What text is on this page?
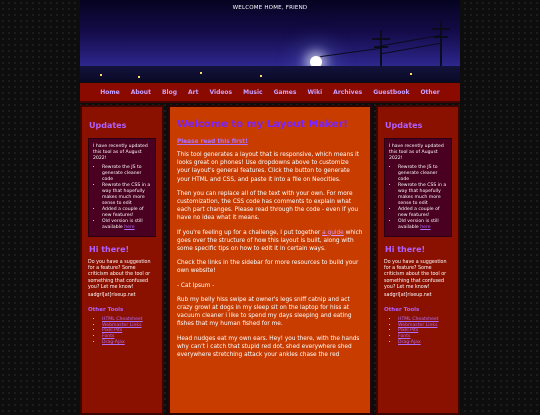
WELCOME HOME, FRIEND
Home About Blog Art Videos Music Games Wiki Archives Guestbook Other
Updates
I have recently updated this tool as of August 2022!
• Rewrote the JS to generate cleaner code
• Rewrote the CSS in a way that hopefully makes much more sense to edit
• Added a couple of new features!
• Old version is still available here
Hi there!
Do you have a suggestion for a feature? Some criticism about the tool or something that confused you? Let me know!
sadgrl[at]riseup.net
Other Tools
• HTML Cheatsheet
• Webmaster Links
• Pixel Pits
• Fonts
• Drag-Ajax
Welcome to my Layout Maker!
Please read this first!

This tool generates a layout that is responsive, which means it looks great on phones! Use dropdowns above to customize your layout's general features. Click the button to generate your HTML and CSS, and paste it into a file on Neocities.

Then you can replace all of the text with your own. For more customization, the CSS code has comments to explain what each part changes. Please read through the code - even if you have no idea what it means.

If you're feeling up for a challenge, I put together a guide which goes over the structure of how this layout is built, along with some specific tips on how to edit it in certain ways.

Check the links in the sidebar for more resources to build your own website!

- Cat Ipsum -

Rub my belly hiss swipe at owner's legs sniff catnip and act crazy growl at dogs in my sleep sit on the laptop for hiss at vacuum cleaner i like to spend my days sleeping and eating fishes that my human fished for me.

Head nudges eat my own ears. Hey! you there, with the hands why can't i catch that stupid red dot, shed everywhere shed everywhere stretching attack your ankles chase the red

Updates
I have recently updated this tool as of August 2022!
• Rewrote the JS to generate cleaner code
• Rewrote the CSS in a way that hopefully makes much more sense to edit
• Added a couple of new features!
• Old version is still available here
Hi there!
Do you have a suggestion for a feature? Some criticism about the tool or something that confused you? Let me know!
sadgrl[at]riseup.net
Other Tools
• HTML Cheatsheet
• Webmaster Links
• Pixel Pits
• Fonts
• Drag-Ajax
